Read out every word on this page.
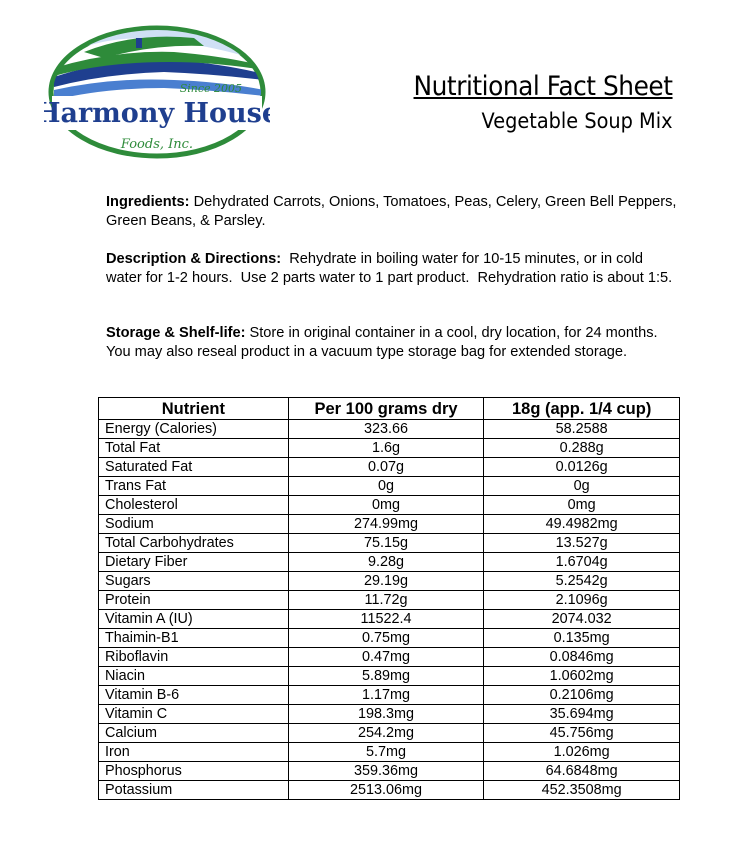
Harmony House
Since 2005
Foods, Inc.
Nutritional Fact Sheet
Vegetable Soup Mix
Ingredients: Dehydrated Carrots, Onions, Tomatoes, Peas, Celery, Green Bell Peppers, Green Beans, & Parsley.
Description & Directions:  Rehydrate in boiling water for 10-15 minutes, or in cold water for 1-2 hours.  Use 2 parts water to 1 part product.  Rehydration ratio is about 1:5.
Storage & Shelf-life: Store in original container in a cool, dry location, for 24 months.  You may also reseal product in a vacuum type storage bag for extended storage.
Nutrient	Per 100 grams dry	18g (app. 1/4 cup)
Energy (Calories)	323.66	58.2588
Total Fat	1.6g	0.288g
Saturated Fat	0.07g	0.0126g
Trans Fat	0g	0g
Cholesterol	0mg	0mg
Sodium	274.99mg	49.4982mg
Total Carbohydrates	75.15g	13.527g
Dietary Fiber	9.28g	1.6704g
Sugars	29.19g	5.2542g
Protein	11.72g	2.1096g
Vitamin A (IU)	11522.4	2074.032
Thaimin-B1	0.75mg	0.135mg
Riboflavin	0.47mg	0.0846mg
Niacin	5.89mg	1.0602mg
Vitamin B-6	1.17mg	0.2106mg
Vitamin C	198.3mg	35.694mg
Calcium	254.2mg	45.756mg
Iron	5.7mg	1.026mg
Phosphorus	359.36mg	64.6848mg
Potassium	2513.06mg	452.3508mg
